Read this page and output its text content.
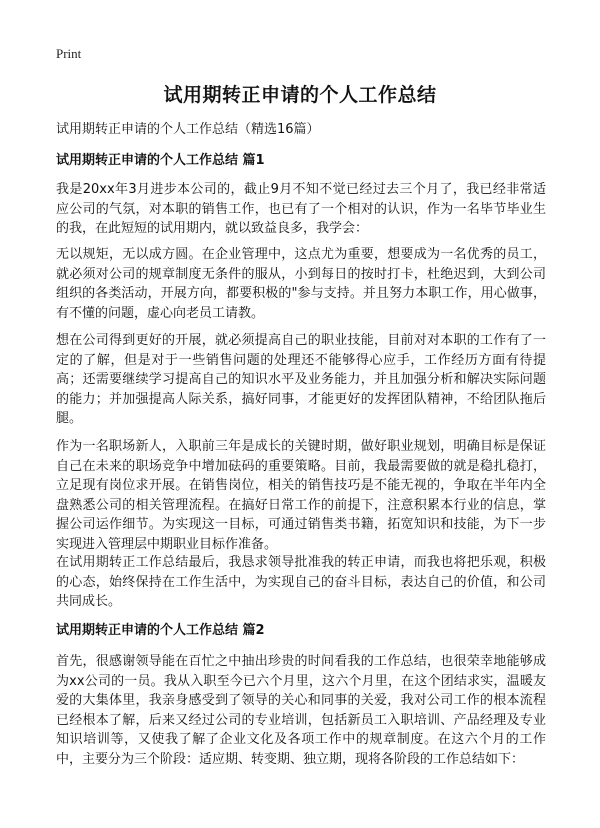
Print
试用期转正申请的个人工作总结

试用期转正申请的个人工作总结（精选16篇）

试用期转正申请的个人工作总结 篇1

我是20xx年3月进步本公司的，截止9月不知不觉已经过去三个月了，我已经非常适应公司的气氛，对本职的销售工作，也已有了一个相对的认识，作为一名毕节毕业生的我，在此短短的试用期内，就以致益良多，我学会：

无以规矩，无以成方圆。在企业管理中，这点尤为重要，想要成为一名优秀的员工，就必须对公司的规章制度无条件的服从，小到每日的按时打卡，杜绝迟到，大到公司组织的各类活动，开展方向，都要积极的"参与支持。并且努力本职工作，用心做事，有不懂的问题，虚心向老员工请教。

想在公司得到更好的开展，就必须提高自己的职业技能，目前对对本职的工作有了一定的了解，但是对于一些销售问题的处理还不能够得心应手，工作经历方面有待提高；还需要继续学习提高自己的知识水平及业务能力，并且加强分析和解决实际问题的能力；并加强提高人际关系，搞好同事，才能更好的发挥团队精神，不给团队拖后腿。

作为一名职场新人，入职前三年是成长的关键时期，做好职业规划，明确目标是保证自己在未来的职场竞争中增加砝码的重要策略。目前，我最需要做的就是稳扎稳打，立足现有岗位求开展。在销售岗位，相关的销售技巧是不能无视的，争取在半年内全盘熟悉公司的相关管理流程。在搞好日常工作的前提下，注意积累本行业的信息，掌握公司运作细节。为实现这一目标，可通过销售类书籍，拓宽知识和技能，为下一步实现进入管理层中期职业目标作准备。

在试用期转正工作总结最后，我恳求领导批准我的转正申请，而我也将把乐观，积极的心态，始终保持在工作生活中，为实现自己的奋斗目标，表达自己的价值，和公司共同成长。

试用期转正申请的个人工作总结 篇2

首先，很感谢领导能在百忙之中抽出珍贵的时间看我的工作总结，也很荣幸地能够成为xx公司的一员。我从入职至今已六个月里，这六个月里，在这个团结求实，温暖友爱的大集体里，我亲身感受到了领导的关心和同事的关爱，我对公司工作的根本流程已经根本了解，后来又经过公司的专业培训，包括新员工入职培训、产品经理及专业知识培训等，又使我了解了企业文化及各项工作中的规章制度。在这六个月的工作中，主要分为三个阶段：适应期、转变期、独立期，现将各阶段的工作总结如下：
